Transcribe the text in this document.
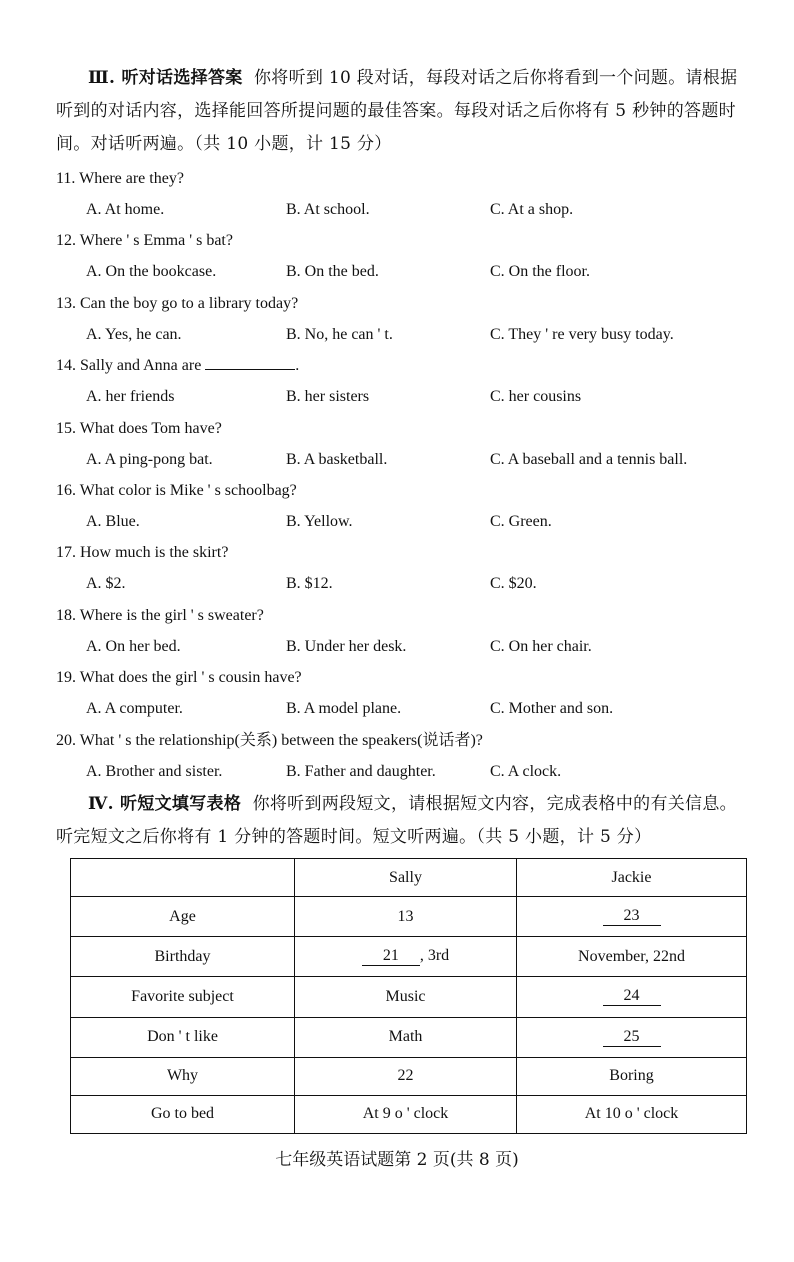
Ⅲ. 听对话选择答案 你将听到 10 段对话，每段对话之后你将看到一个问题。请根据听到的对话内容，选择能回答所提问题的最佳答案。每段对话之后你将有 5 秒钟的答题时间。对话听两遍。（共 10 小题，计 15 分）
11. Where are they?
A. At home.	B. At school.	C. At a shop.
12. Where ' s Emma ' s bat?
A. On the bookcase.	B. On the bed.	C. On the floor.
13. Can the boy go to a library today?
A. Yes, he can.	B. No, he can ' t.	C. They ' re very busy today.
14. Sally and Anna are	.
A. her friends	B. her sisters	C. her cousins
15. What does Tom have?
A. A ping-pong bat.	B. A basketball.	C. A baseball and a tennis ball.
16. What color is Mike ' s schoolbag?
A. Blue.	B. Yellow.	C. Green.
17. How much is the skirt?
A. $2.	B. $12.	C. $20.
18. Where is the girl ' s sweater?
A. On her bed.	B. Under her desk.	C. On her chair.
19. What does the girl ' s cousin have?
A. A computer.	B. A model plane.	C. Mother and son.
20. What ' s the relationship(关系) between the speakers(说话者)?
A. Brother and sister.	B. Father and daughter.	C. A clock.
Ⅳ. 听短文填写表格 你将听到两段短文，请根据短文内容，完成表格中的有关信息。听完短文之后你将有 1 分钟的答题时间。短文听两遍。（共 5 小题，计 5 分）
	Sally	Jackie
Age	13	23
Birthday	21 , 3rd	November, 22nd
Favorite subject	Music	24
Don ' t like	Math	25
Why	22	Boring
Go to bed	At 9 o ' clock	At 10 o ' clock
七年级英语试题第 2 页(共 8 页)
